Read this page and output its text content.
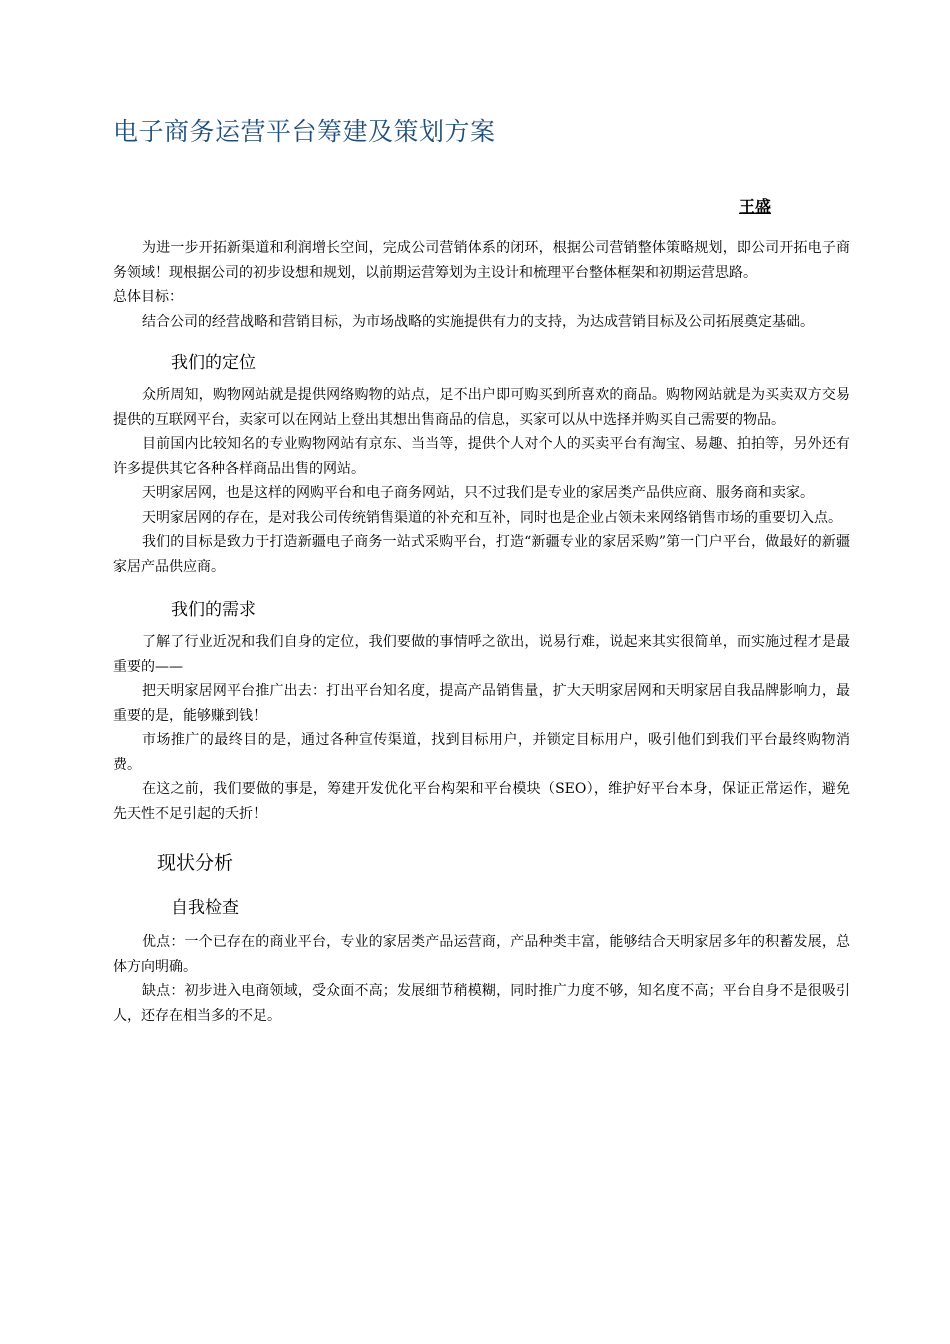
电子商务运营平台筹建及策划方案
王盛

为进一步开拓新渠道和利润增长空间，完成公司营销体系的闭环，根据公司营销整体策略规划，即公司开拓电子商务领域！现根据公司的初步设想和规划，以前期运营筹划为主设计和梳理平台整体框架和初期运营思路。

总体目标：

结合公司的经营战略和营销目标，为市场战略的实施提供有力的支持，为达成营销目标及公司拓展奠定基础。

我们的定位

众所周知，购物网站就是提供网络购物的站点，足不出户即可购买到所喜欢的商品。购物网站就是为买卖双方交易提供的互联网平台，卖家可以在网站上登出其想出售商品的信息，买家可以从中选择并购买自己需要的物品。

目前国内比较知名的专业购物网站有京东、当当等，提供个人对个人的买卖平台有淘宝、易趣、拍拍等，另外还有许多提供其它各种各样商品出售的网站。

天明家居网，也是这样的网购平台和电子商务网站，只不过我们是专业的家居类产品供应商、服务商和卖家。

天明家居网的存在，是对我公司传统销售渠道的补充和互补，同时也是企业占领未来网络销售市场的重要切入点。

我们的目标是致力于打造新疆电子商务一站式采购平台，打造“新疆专业的家居采购”第一门户平台，做最好的新疆家居产品供应商。

我们的需求

了解了行业近况和我们自身的定位，我们要做的事情呼之欲出，说易行难，说起来其实很简单，而实施过程才是最重要的——

把天明家居网平台推广出去：打出平台知名度，提高产品销售量，扩大天明家居网和天明家居自我品牌影响力，最重要的是，能够赚到钱！

市场推广的最终目的是，通过各种宣传渠道，找到目标用户，并锁定目标用户，吸引他们到我们平台最终购物消费。

在这之前，我们要做的事是，筹建开发优化平台构架和平台模块（SEO），维护好平台本身，保证正常运作，避免先天性不足引起的夭折！

现状分析
自我检查

优点：一个已存在的商业平台，专业的家居类产品运营商，产品种类丰富，能够结合天明家居多年的积蓄发展，总体方向明确。

缺点：初步进入电商领域，受众面不高；发展细节稍模糊，同时推广力度不够，知名度不高；平台自身不是很吸引人，还存在相当多的不足。
